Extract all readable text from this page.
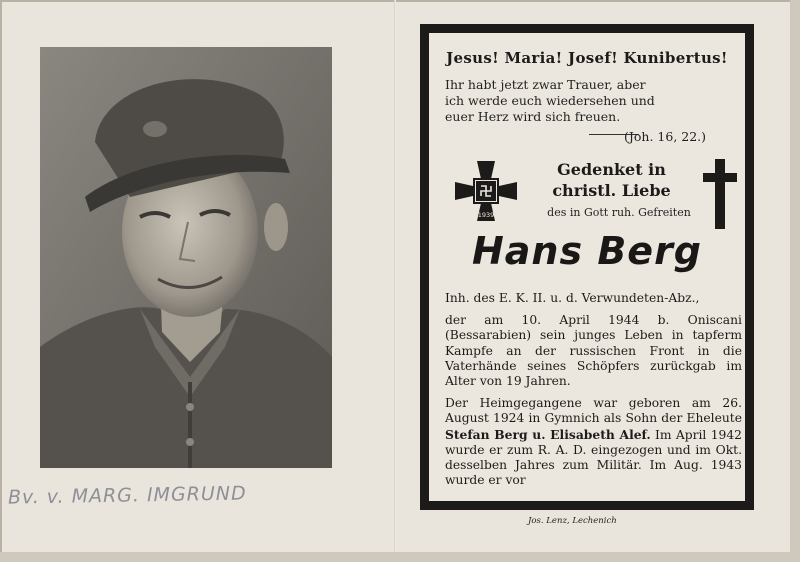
Bv. v. MARG. IMGRUND
Jesus! Maria! Josef! Kunibertus!

Ihr habt jetzt zwar Trauer, aber

ich werde euch wiedersehen und

euer Herz wird sich freuen.

(Joh. 16, 22.)
1939
Gedenket in
christl. Liebe
des in Gott ruh. Gefreiten
Hans Berg

Inh. des E. K. II. u. d. Verwundeten-Abz.,

der am 10. April 1944 b. Oniscani (Bessarabien) sein junges Leben in tapferm Kampfe an der russischen Front in die Vaterhände seines Schöpfers zurückgab im Alter von 19 Jahren.

Der Heimgegangene war geboren am 26. August 1924 in Gymnich als Sohn der Eheleute Stefan Berg u. Elisabeth Alef. Im April 1942 wurde er zum R. A. D. eingezogen und im Okt. desselben Jahres zum Militär. Im Aug. 1943 wurde er vor

Jos. Lenz, Lechenich
